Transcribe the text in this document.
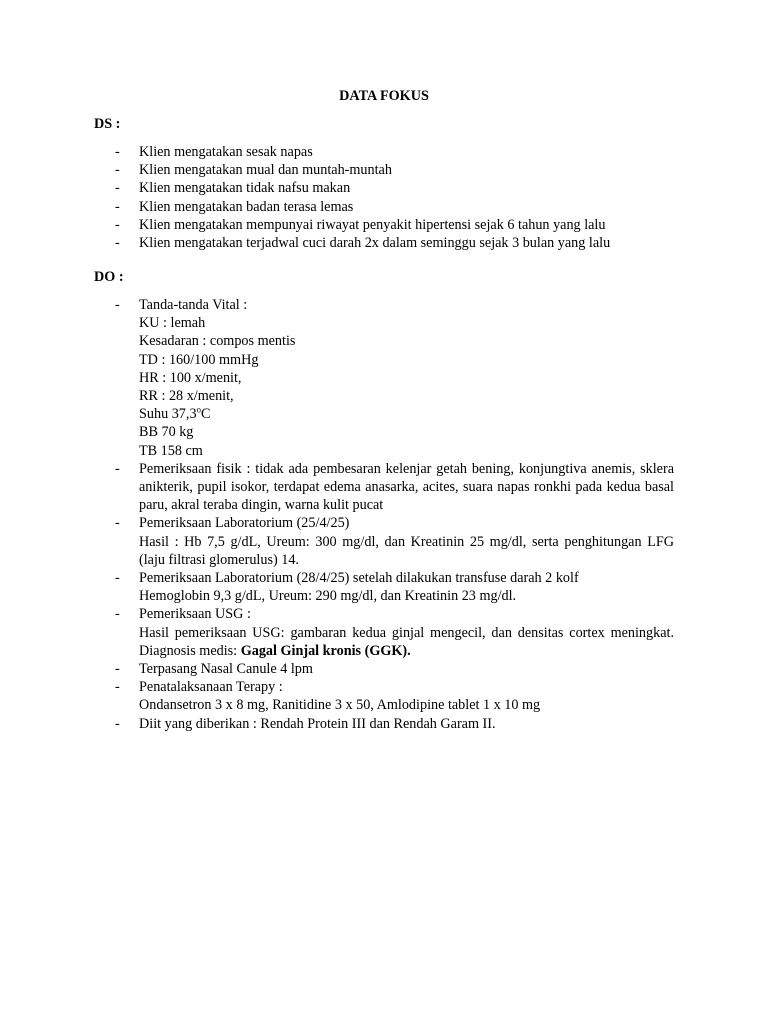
DATA FOKUS
DS :
- Klien mengatakan sesak napas
- Klien mengatakan mual dan muntah-muntah
- Klien mengatakan tidak nafsu makan
- Klien mengatakan badan terasa lemas
- Klien mengatakan mempunyai riwayat penyakit hipertensi sejak 6 tahun yang lalu
- Klien mengatakan terjadwal cuci darah 2x dalam seminggu sejak 3 bulan yang lalu
DO :
- Tanda-tanda Vital :
KU : lemah
Kesadaran : compos mentis
TD : 160/100 mmHg
HR : 100 x/menit,
RR : 28 x/menit,
Suhu 37,3$^o$C
BB 70 kg
TB 158 cm
- Pemeriksaan fisik : tidak ada pembesaran kelenjar getah bening, konjungtiva anemis, sklera anikterik, pupil isokor, terdapat edema anasarka, acites, suara napas ronkhi pada kedua basal paru, akral teraba dingin, warna kulit pucat
- Pemeriksaan Laboratorium (25/4/25)
Hasil : Hb 7,5 g/dL, Ureum: 300 mg/dl, dan Kreatinin 25 mg/dl, serta penghitungan LFG (laju filtrasi glomerulus) 14.
- Pemeriksaan Laboratorium (28/4/25) setelah dilakukan transfuse darah 2 kolf
Hemoglobin 9,3 g/dL, Ureum: 290 mg/dl, dan Kreatinin 23 mg/dl.
- Pemeriksaan USG :
Hasil pemeriksaan USG: gambaran kedua ginjal mengecil, dan densitas cortex meningkat. Diagnosis medis: Gagal Ginjal kronis (GGK).
- Terpasang Nasal Canule 4 lpm
- Penatalaksanaan Terapy :
Ondansetron 3 x 8 mg, Ranitidine 3 x 50, Amlodipine tablet 1 x 10 mg
- Diit yang diberikan : Rendah Protein III dan Rendah Garam II.
